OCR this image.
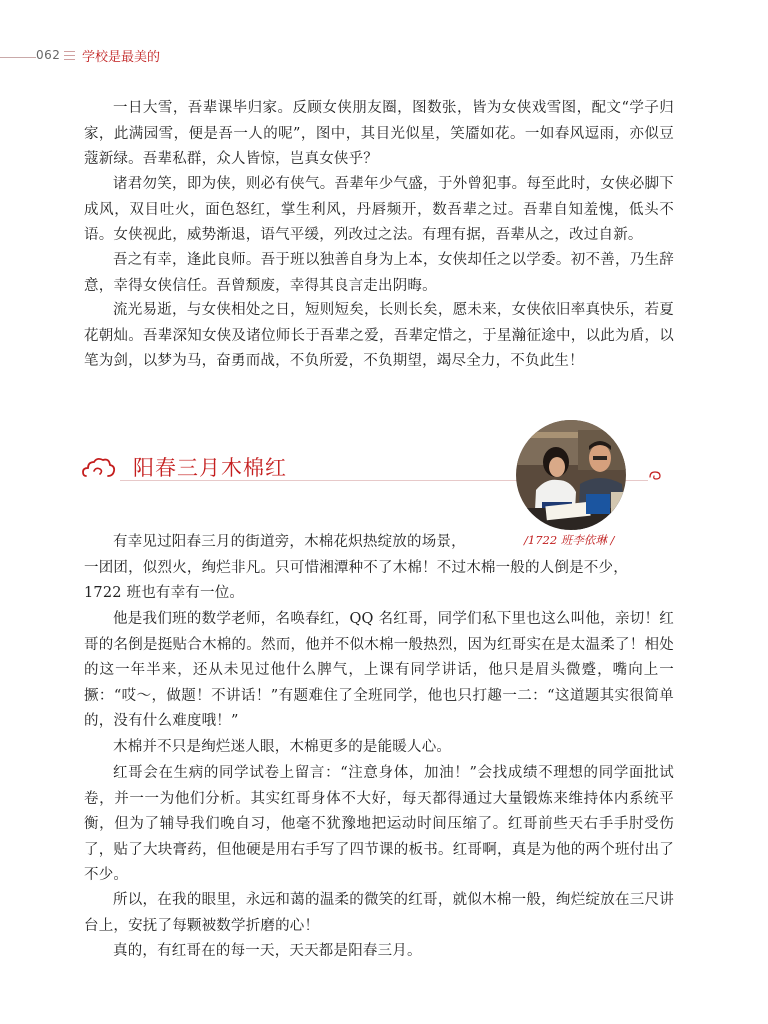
062 学校是最美的

一日大雪，吾辈课毕归家。反顾女侠朋友圈，图数张，皆为女侠戏雪图，配文“学子归家，此满园雪，便是吾一人的呢”，图中，其目光似星，笑靥如花。一如春风逗雨，亦似豆蔻新绿。吾辈私群，众人皆惊，岂真女侠乎？

诸君勿笑，即为侠，则必有侠气。吾辈年少气盛，于外曾犯事。每至此时，女侠必脚下成风，双目吐火，面色怒红，掌生利风，丹唇频开，数吾辈之过。吾辈自知羞愧，低头不语。女侠视此，威势渐退，语气平缓，列改过之法。有理有据，吾辈从之，改过自新。

吾之有幸，逢此良师。吾于班以独善自身为上本，女侠却任之以学委。初不善，乃生辞意，幸得女侠信任。吾曾颓废，幸得其良言走出阴晦。

流光易逝，与女侠相处之日，短则短矣，长则长矣，愿未来，女侠依旧率真快乐，若夏花朝灿。吾辈深知女侠及诸位师长于吾辈之爱，吾辈定惜之，于星瀚征途中，以此为盾，以笔为剑，以梦为马，奋勇而战，不负所爱，不负期望，竭尽全力，不负此生！

阳春三月木棉红
/1722 班李依琳 /

有幸见过阳春三月的街道旁，木棉花炽热绽放的场景，
一团团，似烈火，绚烂非凡。只可惜湘潭种不了木棉！不过木棉一般的人倒是不少，
1722 班也有幸有一位。

他是我们班的数学老师，名唤春红，QQ 名红哥，同学们私下里也这么叫他，亲切！红哥的名倒是挺贴合木棉的。然而，他并不似木棉一般热烈，因为红哥实在是太温柔了！相处的这一年半来，还从未见过他什么脾气，上课有同学讲话，他只是眉头微蹙，嘴向上一撅：“哎～，做题！不讲话！”有题难住了全班同学，他也只打趣一二：“这道题其实很简单的，没有什么难度哦！”

木棉并不只是绚烂迷人眼，木棉更多的是能暖人心。

红哥会在生病的同学试卷上留言：“注意身体，加油！”会找成绩不理想的同学面批试卷，并一一为他们分析。其实红哥身体不大好，每天都得通过大量锻炼来维持体内系统平衡，但为了辅导我们晚自习，他毫不犹豫地把运动时间压缩了。红哥前些天右手手肘受伤了，贴了大块膏药，但他硬是用右手写了四节课的板书。红哥啊，真是为他的两个班付出了不少。

所以，在我的眼里，永远和蔼的温柔的微笑的红哥，就似木棉一般，绚烂绽放在三尺讲台上，安抚了每颗被数学折磨的心！

真的，有红哥在的每一天，天天都是阳春三月。
